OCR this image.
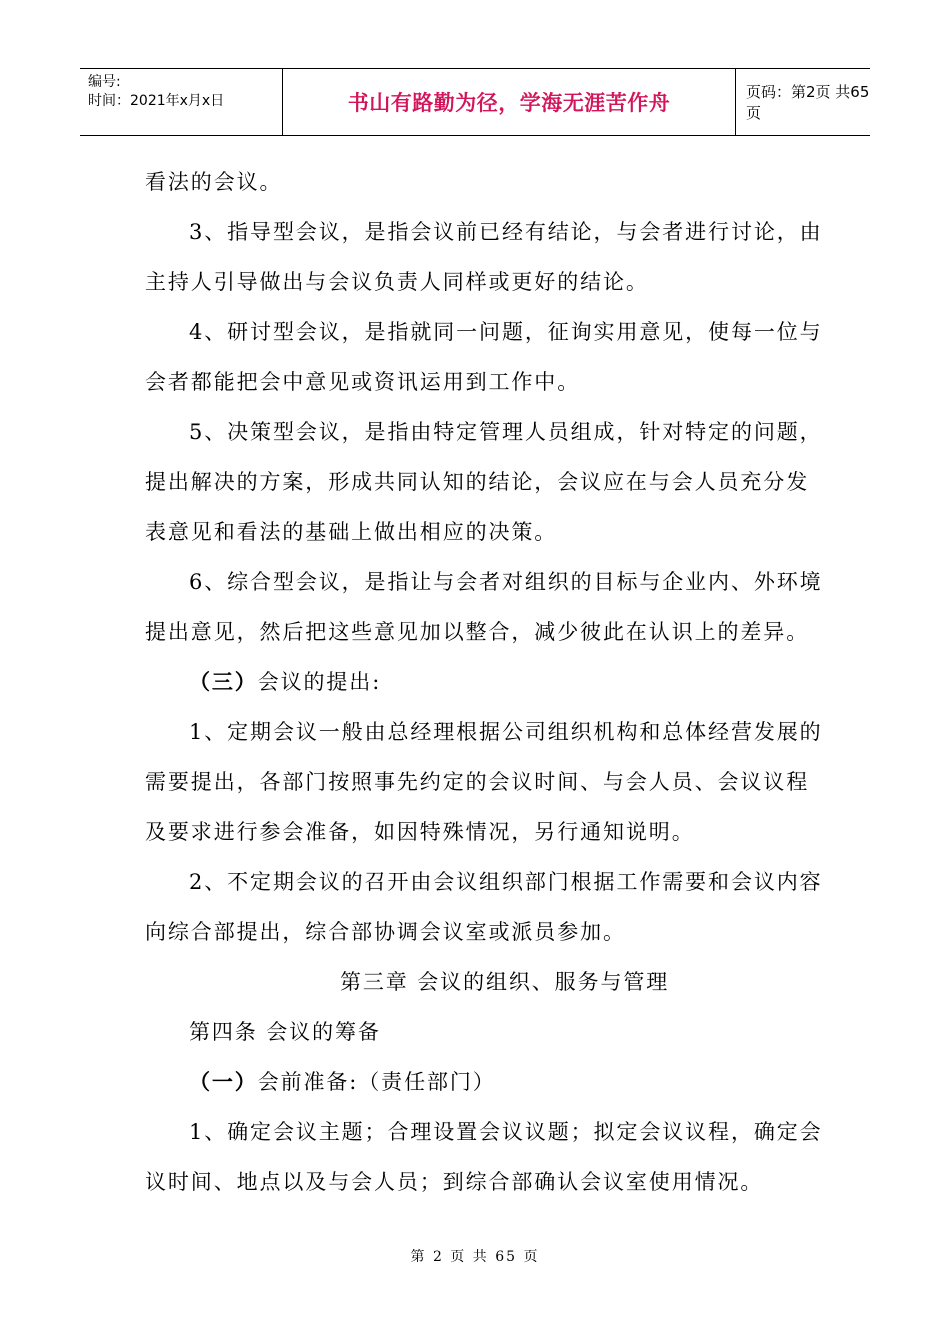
编号:
时间：2021年x月x日	书山有路勤为径，学海无涯苦作舟	页码：第2页 共65页

看法的会议。

3、指导型会议，是指会议前已经有结论，与会者进行讨论，由

主持人引导做出与会议负责人同样或更好的结论。

4、研讨型会议，是指就同一问题，征询实用意见，使每一位与

会者都能把会中意见或资讯运用到工作中。

5、决策型会议，是指由特定管理人员组成，针对特定的问题，

提出解决的方案，形成共同认知的结论，会议应在与会人员充分发

表意见和看法的基础上做出相应的决策。

6、综合型会议，是指让与会者对组织的目标与企业内、外环境

提出意见，然后把这些意见加以整合，减少彼此在认识上的差异。

（三）会议的提出:

1、定期会议一般由总经理根据公司组织机构和总体经营发展的

需要提出，各部门按照事先约定的会议时间、与会人员、会议议程

及要求进行参会准备，如因特殊情况，另行通知说明。

2、不定期会议的召开由会议组织部门根据工作需要和会议内容

向综合部提出，综合部协调会议室或派员参加。

第三章 会议的组织、服务与管理

第四条 会议的筹备

（一）会前准备:（责任部门）

1、确定会议主题；合理设置会议议题；拟定会议议程，确定会

议时间、地点以及与会人员；到综合部确认会议室使用情况。

第 2 页 共 65 页
